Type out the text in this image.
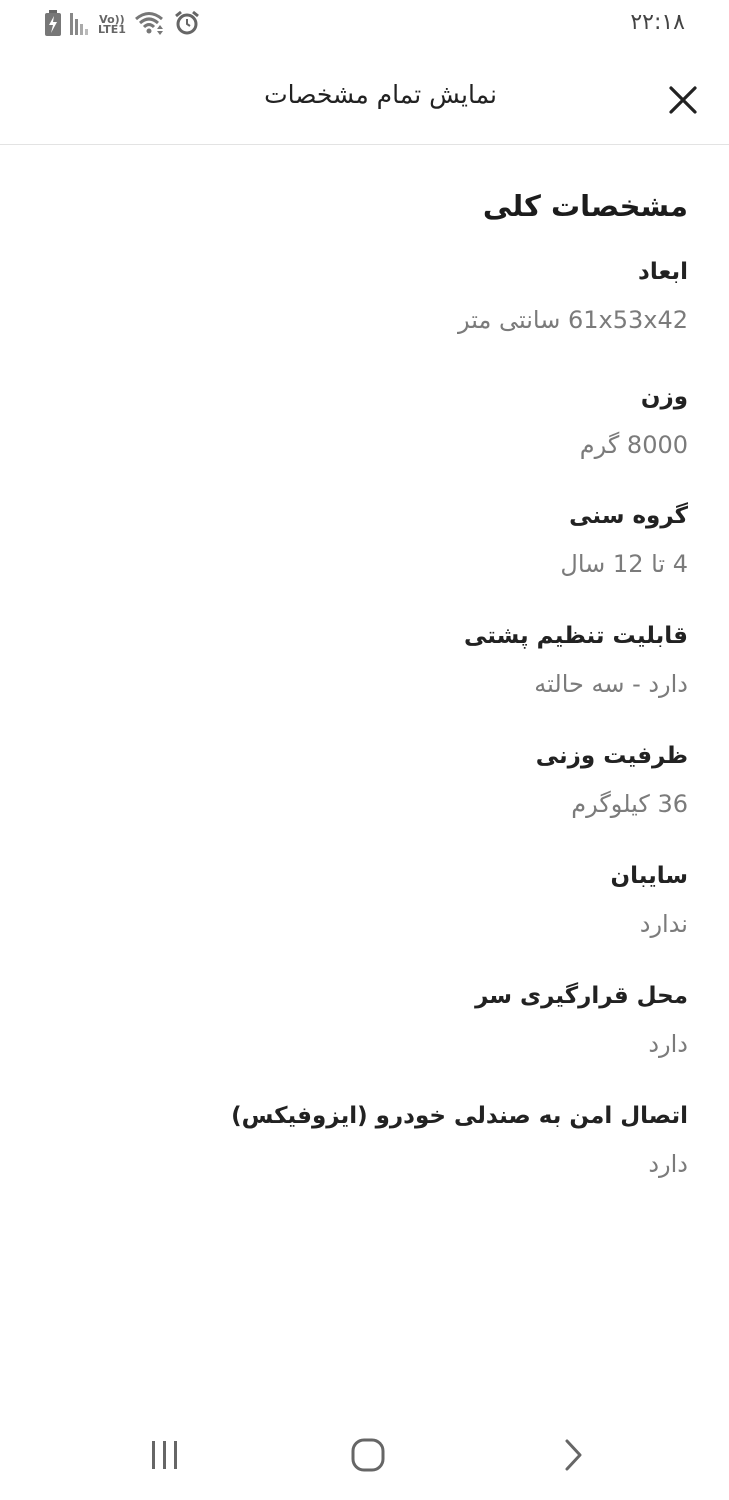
Vo))
LTE1	۲۲:۱۸
نمایش تمام مشخصات
مشخصات کلی
ابعاد
61x53x42 سانتی متر
وزن
8000 گرم
گروه سنی
4 تا 12 سال
قابلیت تنظیم پشتی
دارد - سه حالته
ظرفیت وزنی
36 کیلوگرم
سایبان
ندارد
محل قرارگیری سر
دارد
اتصال امن به صندلی خودرو (ایزوفیکس)
دارد
